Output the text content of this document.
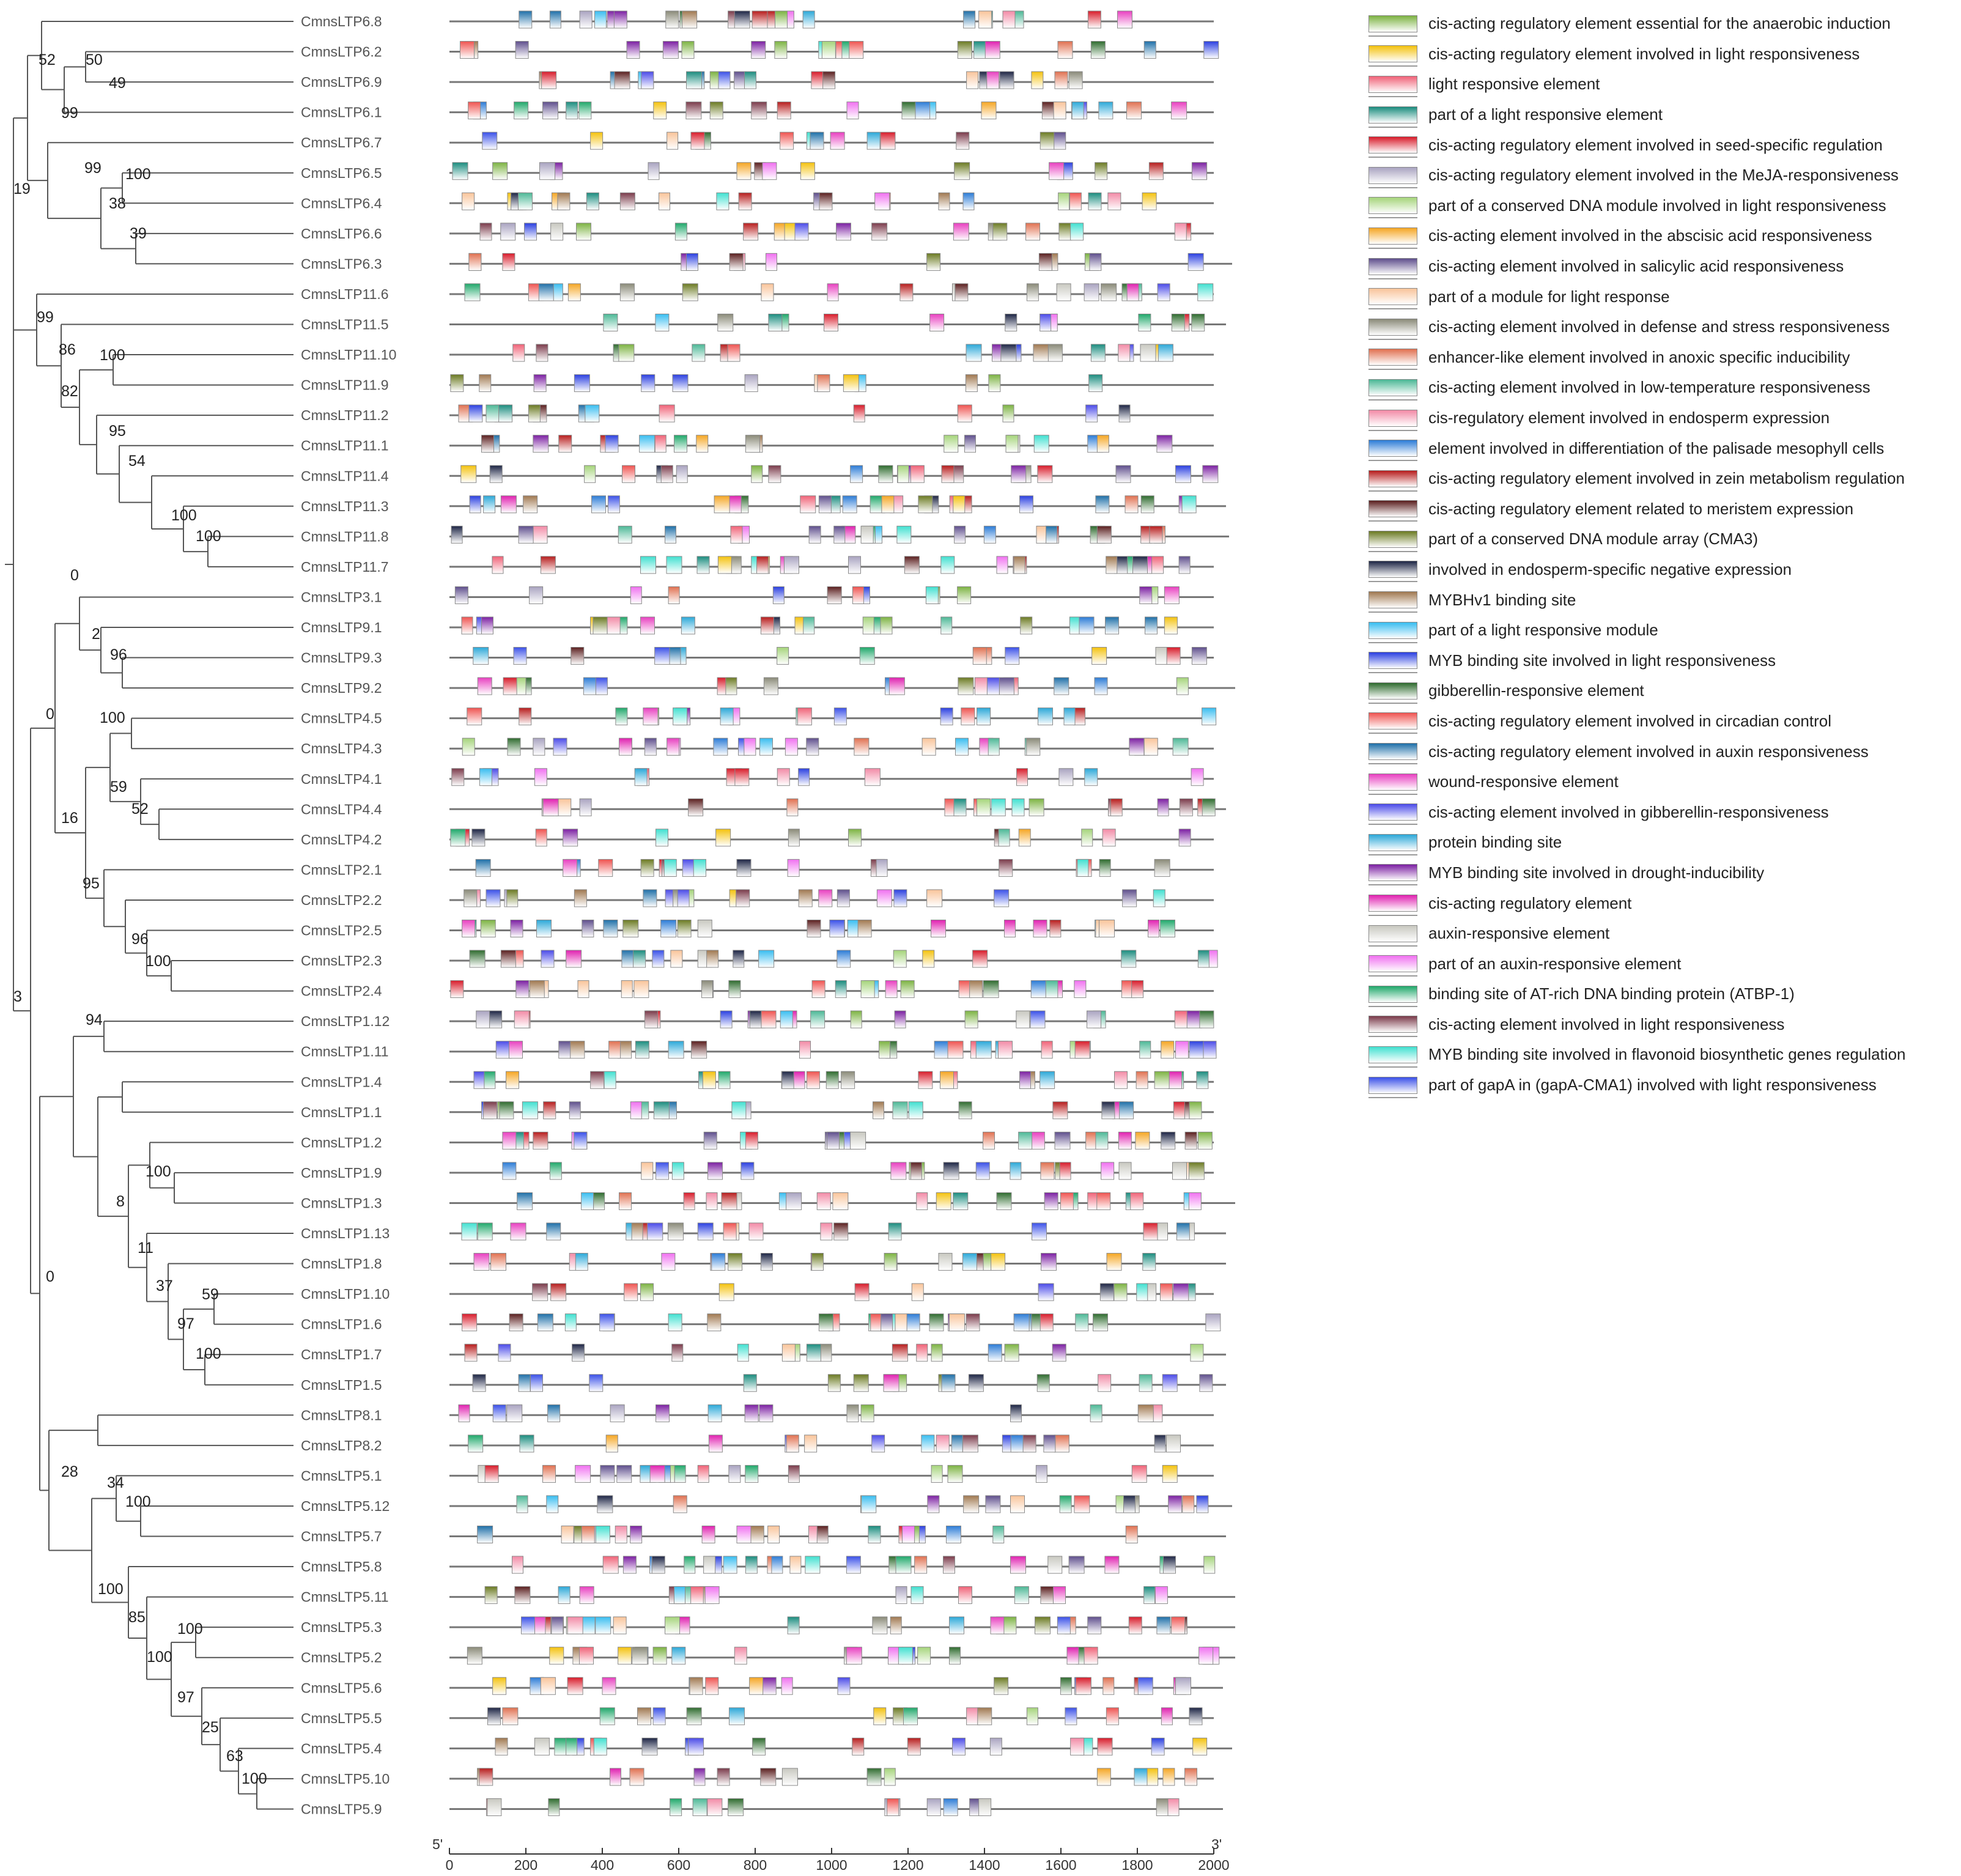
52 50
49
99
99 100
38
39
19
99
86 100
82
95
54
100
100
0
2
96
0	100
59
52
16
95
96
100
3
94
100
8
11
37 59
97
100
0
28
34
100
100
85
100
100
97
25
63
100
CmnsLTP6.8
CmnsLTP6.2
CmnsLTP6.9
CmnsLTP6.1
CmnsLTP6.7
CmnsLTP6.5
CmnsLTP6.4
CmnsLTP6.6
CmnsLTP6.3
CmnsLTP11.6
CmnsLTP11.5
CmnsLTP11.10
CmnsLTP11.9
CmnsLTP11.2
CmnsLTP11.1
CmnsLTP11.4
CmnsLTP11.3
CmnsLTP11.8
CmnsLTP11.7
CmnsLTP3.1
CmnsLTP9.1
CmnsLTP9.3
CmnsLTP9.2
CmnsLTP4.5
CmnsLTP4.3
CmnsLTP4.1
CmnsLTP4.4
CmnsLTP4.2
CmnsLTP2.1
CmnsLTP2.2
CmnsLTP2.5
CmnsLTP2.3
CmnsLTP2.4
CmnsLTP1.12
CmnsLTP1.11
CmnsLTP1.4
CmnsLTP1.1
CmnsLTP1.2
CmnsLTP1.9
CmnsLTP1.3
CmnsLTP1.13
CmnsLTP1.8
CmnsLTP1.10
CmnsLTP1.6
CmnsLTP1.7
CmnsLTP1.5
CmnsLTP8.1
CmnsLTP8.2
CmnsLTP5.1
CmnsLTP5.12
CmnsLTP5.7
CmnsLTP5.8
CmnsLTP5.11
CmnsLTP5.3
CmnsLTP5.2
CmnsLTP5.6
CmnsLTP5.5
CmnsLTP5.4
CmnsLTP5.10
CmnsLTP5.9
0	200	400	600	800	1000	1200	1400	1600	1800	2000
5'	3'
cis-acting regulatory element essential for the anaerobic induction
cis-acting regulatory element involved in light responsiveness
light responsive element
part of a light responsive element
cis-acting regulatory element involved in seed-specific regulation
cis-acting regulatory element involved in the MeJA-responsiveness
part of a conserved DNA module involved in light responsiveness
cis-acting element involved in the abscisic acid responsiveness
cis-acting element involved in salicylic acid responsiveness
part of a module for light response
cis-acting element involved in defense and stress responsiveness
enhancer-like element involved in anoxic specific inducibility
cis-acting element involved in low-temperature responsiveness
cis-regulatory element involved in endosperm expression
element involved in differentiation of the palisade mesophyll cells
cis-acting regulatory element involved in zein metabolism regulation
cis-acting regulatory element related to meristem expression
part of a conserved DNA module array (CMA3)
involved in endosperm-specific negative expression
MYBHv1 binding site
part of a light responsive module
MYB binding site involved in light responsiveness
gibberellin-responsive element
cis-acting regulatory element involved in circadian control
cis-acting regulatory element involved in auxin responsiveness
wound-responsive element
cis-acting element involved in gibberellin-responsiveness
protein binding site
MYB binding site involved in drought-inducibility
cis-acting regulatory element
auxin-responsive element
part of an auxin-responsive element
binding site of AT-rich DNA binding protein (ATBP-1)
cis-acting element involved in light responsiveness
MYB binding site involved in flavonoid biosynthetic genes regulation
part of gapA in (gapA-CMA1) involved with light responsiveness
